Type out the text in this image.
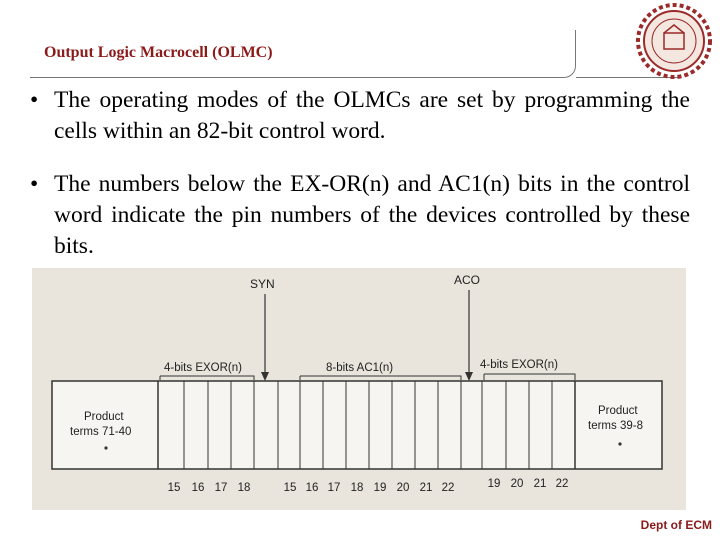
Output Logic Macrocell (OLMC)
• The operating modes of the OLMCs are set by programming the cells within an 82-bit control word.
• The numbers below the EX-OR(n) and AC1(n) bits in the control word indicate the pin numbers of the devices controlled by these bits.
SYN	ACO
4-bits EXOR(n)	8-bits AC1(n)	4-bits EXOR(n)
Product
terms 71-40
Product
terms 39-8
15 16 17 18	15 16 17 18 19 20 21 22	19 20 21 22
Dept of ECM
